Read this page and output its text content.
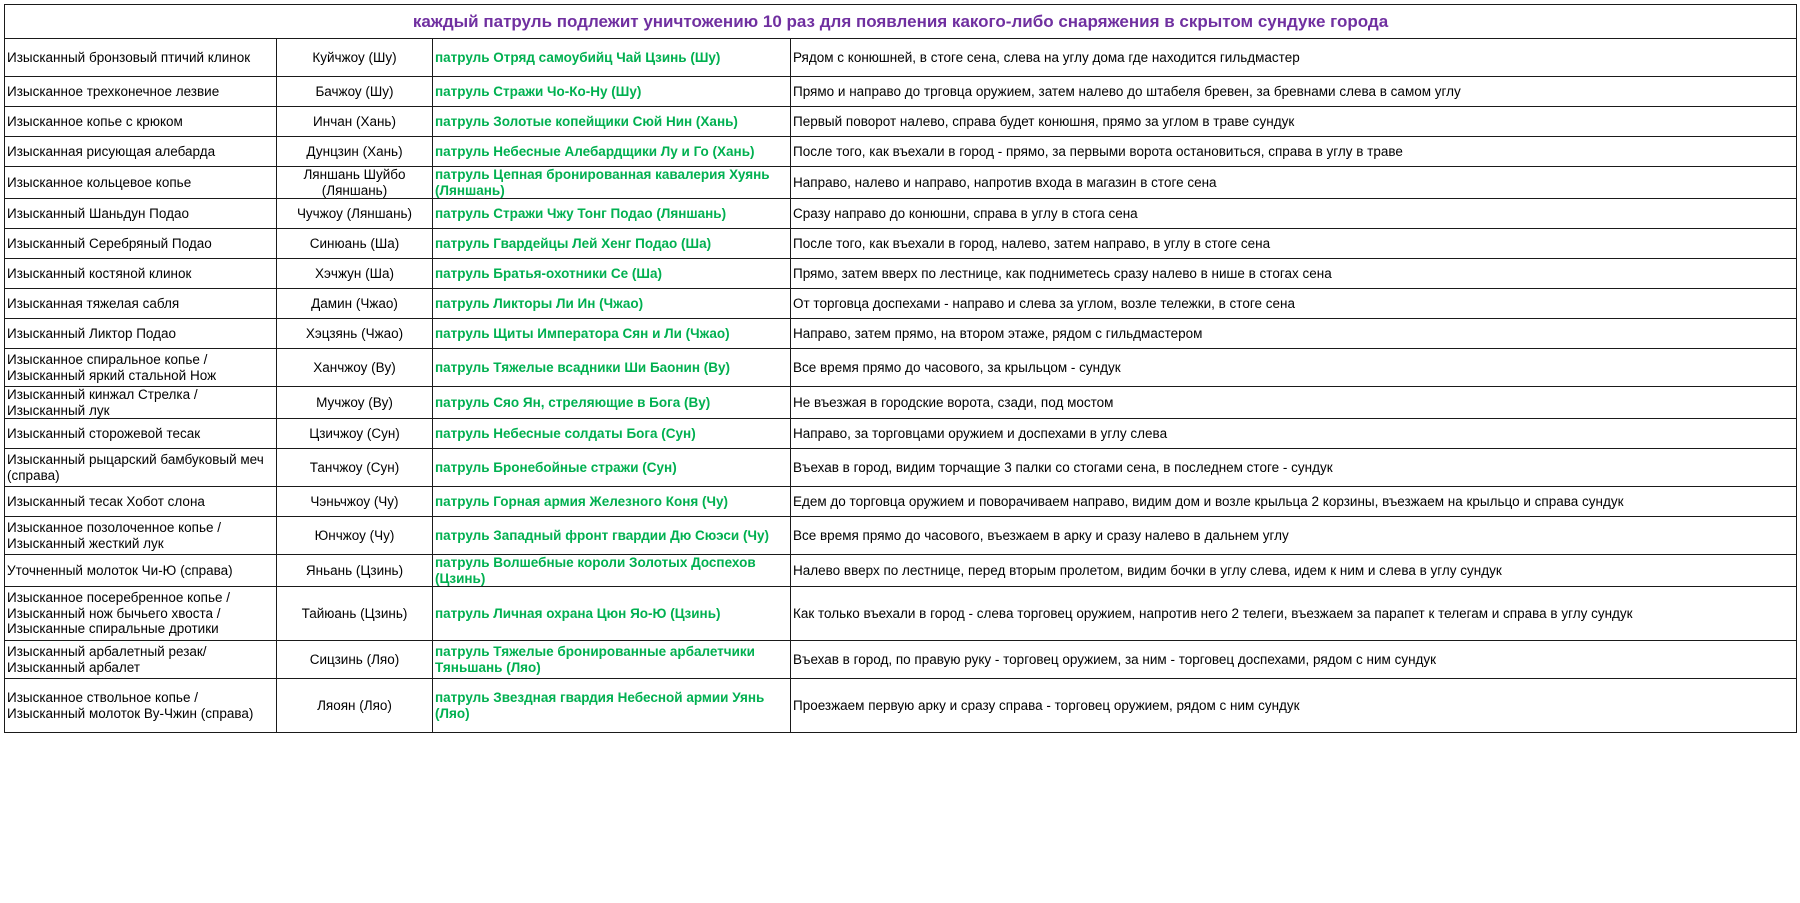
каждый патруль подлежит уничтожению 10 раз для появления какого-либо снаряжения в скрытом сундуке города			
Изысканный бронзовый птичий клинок	Куйчжоу (Шу)	патруль Отряд самоубийц Чай Цзинь (Шу)	Рядом с конюшней, в стоге сена, слева на углу дома где находится гильдмастер
Изысканное трехконечное лезвие	Бачжоу (Шу)	патруль Стражи Чо-Ко-Ну (Шу)	Прямо и направо до трговца оружием, затем налево до штабеля бревен, за бревнами слева в самом углу
Изысканное копье с крюком	Инчан (Хань)	патруль Золотые копейщики Сюй Нин (Хань)	Первый поворот налево, справа будет конюшня, прямо за углом в траве сундук
Изысканная рисующая алебарда	Дунцзин (Хань)	патруль Небесные Алебардщики Лу и Го (Хань)	После того, как въехали в город - прямо, за первыми ворота остановиться, справа в углу в траве
Изысканное кольцевое копье	Ляншань Шуйбо (Ляншань)	патруль Цепная бронированная кавалерия Хуянь (Ляншань)	Направо, налево и направо, напротив входа в магазин в стоге сена
Изысканный Шаньдун Подао	Чучжоу (Ляншань)	патруль Стражи Чжу Тонг Подао (Ляншань)	Сразу направо до конюшни, справа в углу в стога сена
Изысканный Серебряный Подао	Синюань (Ша)	патруль Гвардейцы Лей Хенг Подао (Ша)	После того, как въехали в город, налево, затем направо, в углу в стоге сена
Изысканный костяной клинок	Хэчжун (Ша)	патруль Братья-охотники Се (Ша)	Прямо, затем вверх по лестнице, как подниметесь сразу налево в нише в стогах сена
Изысканная тяжелая сабля	Дамин (Чжао)	патруль Ликторы Ли Ин (Чжао)	От торговца доспехами - направо и слева за углом, возле тележки, в стоге сена
Изысканный Ликтор Подао	Хэцзянь (Чжао)	патруль Щиты Императора Сян и Ли (Чжао)	Направо, затем прямо, на втором этаже, рядом с гильдмастером
Изысканное спиральное копье / Изысканный яркий стальной Нож	Ханчжоу (Ву)	патруль Тяжелые всадники Ши Баонин (Ву)	Все время прямо до часового, за крыльцом - сундук
Изысканный кинжал Стрелка / Изысканный лук	Мучжоу (Ву)	патруль Сяо Ян, стреляющие в Бога (Ву)	Не въезжая в городские ворота, сзади, под мостом
Изысканный сторожевой тесак	Цзичжоу (Сун)	патруль Небесные солдаты Бога (Сун)	Направо, за торговцами оружием и доспехами в углу слева
Изысканный рыцарский бамбуковый меч (справа)	Танчжоу (Сун)	патруль Бронебойные стражи (Сун)	Въехав в город, видим торчащие 3 палки со стогами сена, в последнем стоге - сундук
Изысканный тесак Хобот слона	Чэньчжоу (Чу)	патруль Горная армия Железного Коня (Чу)	Едем до торговца оружием и поворачиваем направо, видим дом и возле крыльца 2 корзины, въезжаем на крыльцо и справа сундук
Изысканное позолоченное копье / Изысканный жесткий лук	Юнчжоу (Чу)	патруль Западный фронт гвардии Дю Сюэси (Чу)	Все время прямо до часового, въезжаем в арку и сразу налево в дальнем углу
Уточненный молоток Чи-Ю (справа)	Яньань (Цзинь)	патруль Волшебные короли Золотых Доспехов (Цзинь)	Налево вверх по лестнице, перед вторым пролетом, видим бочки в углу слева, идем к ним и слева в углу сундук
Изысканное посеребренное копье / Изысканный нож бычьего хвоста / Изысканные спиральные дротики	Тайюань (Цзинь)	патруль Личная охрана Цюн Яо-Ю (Цзинь)	Как только въехали в город - слева торговец оружием, напротив него 2 телеги, въезжаем за парапет к телегам и справа в углу сундук
Изысканный арбалетный резак/Изысканный арбалет	Сицзинь (Ляо)	патруль Тяжелые бронированные арбалетчики Тяньшань (Ляо)	Въехав в город, по правую руку - торговец оружием, за ним - торговец доспехами, рядом с ним сундук
Изысканное ствольное копье / Изысканный молоток Ву-Чжин (справа)	Ляоян (Ляо)	патруль Звездная гвардия Небесной армии Уянь (Ляо)	Проезжаем первую арку и сразу справа - торговец оружием, рядом с ним сундук
